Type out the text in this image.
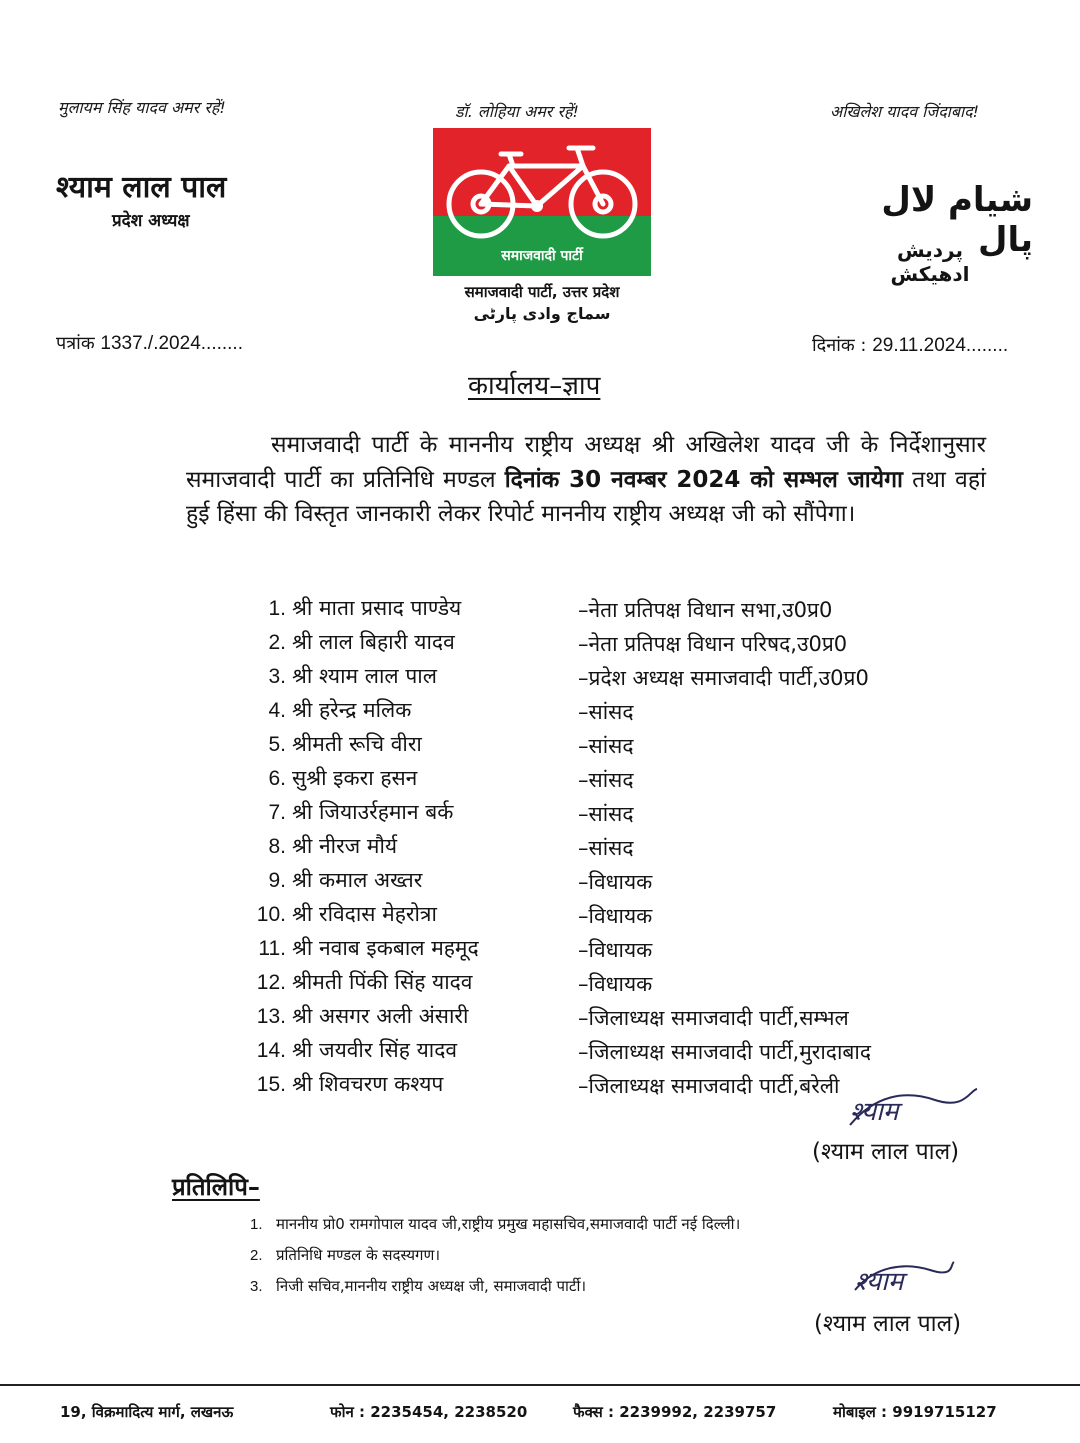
मुलायम सिंह यादव अमर रहें!	डॉ. लोहिया अमर रहें!	अखिलेश यादव जिंदाबाद!
श्याम लाल पाल
प्रदेश अध्यक्ष
شیام لال پال
پردیش ادھیکش
समाजवादी पार्टी
समाजवादी पार्टी, उत्तर प्रदेश
سماج وادی پارٹی
पत्रांक 1337./.2024........	दिनांक : 29.11.2024........
कार्यालय–ज्ञाप
समाजवादी पार्टी के माननीय राष्ट्रीय अध्यक्ष श्री अखिलेश यादव जी के निर्देशानुसार समाजवादी पार्टी का प्रतिनिधि मण्डल दिनांक 30 नवम्बर 2024 को सम्भल जायेगा तथा वहां हुई हिंसा की विस्तृत जानकारी लेकर रिपोर्ट माननीय राष्ट्रीय अध्यक्ष जी को सौंपेगा।
1. श्री माता प्रसाद पाण्डेय	–नेता प्रतिपक्ष विधान सभा,उ0प्र0
2. श्री लाल बिहारी यादव	–नेता प्रतिपक्ष विधान परिषद,उ0प्र0
3. श्री श्याम लाल पाल	–प्रदेश अध्यक्ष समाजवादी पार्टी,उ0प्र0
4. श्री हरेन्द्र मलिक	–सांसद
5. श्रीमती रूचि वीरा	–सांसद
6. सुश्री इकरा हसन	–सांसद
7. श्री जियाउर्रहमान बर्क	–सांसद
8. श्री नीरज मौर्य	–सांसद
9. श्री कमाल अख्तर	–विधायक
10. श्री रविदास मेहरोत्रा	–विधायक
11. श्री नवाब इकबाल महमूद	–विधायक
12. श्रीमती पिंकी सिंह यादव	–विधायक
13. श्री असगर अली अंसारी	–जिलाध्यक्ष समाजवादी पार्टी,सम्भल
14. श्री जयवीर सिंह यादव	–जिलाध्यक्ष समाजवादी पार्टी,मुरादाबाद
15. श्री शिवचरण कश्यप	–जिलाध्यक्ष समाजवादी पार्टी,बरेली
श्याम
(श्याम लाल पाल)
प्रतिलिपि–
1. माननीय प्रो0 रामगोपाल यादव जी,राष्ट्रीय प्रमुख महासचिव,समाजवादी पार्टी नई दिल्ली।
2. प्रतिनिधि मण्डल के सदस्यगण।
3. निजी सचिव,माननीय राष्ट्रीय अध्यक्ष जी, समाजवादी पार्टी।	श्याम
(श्याम लाल पाल)
19, विक्रमादित्य मार्ग, लखनऊ	फोन : 2235454, 2238520	फैक्स : 2239992, 2239757	मोबाइल : 9919715127
